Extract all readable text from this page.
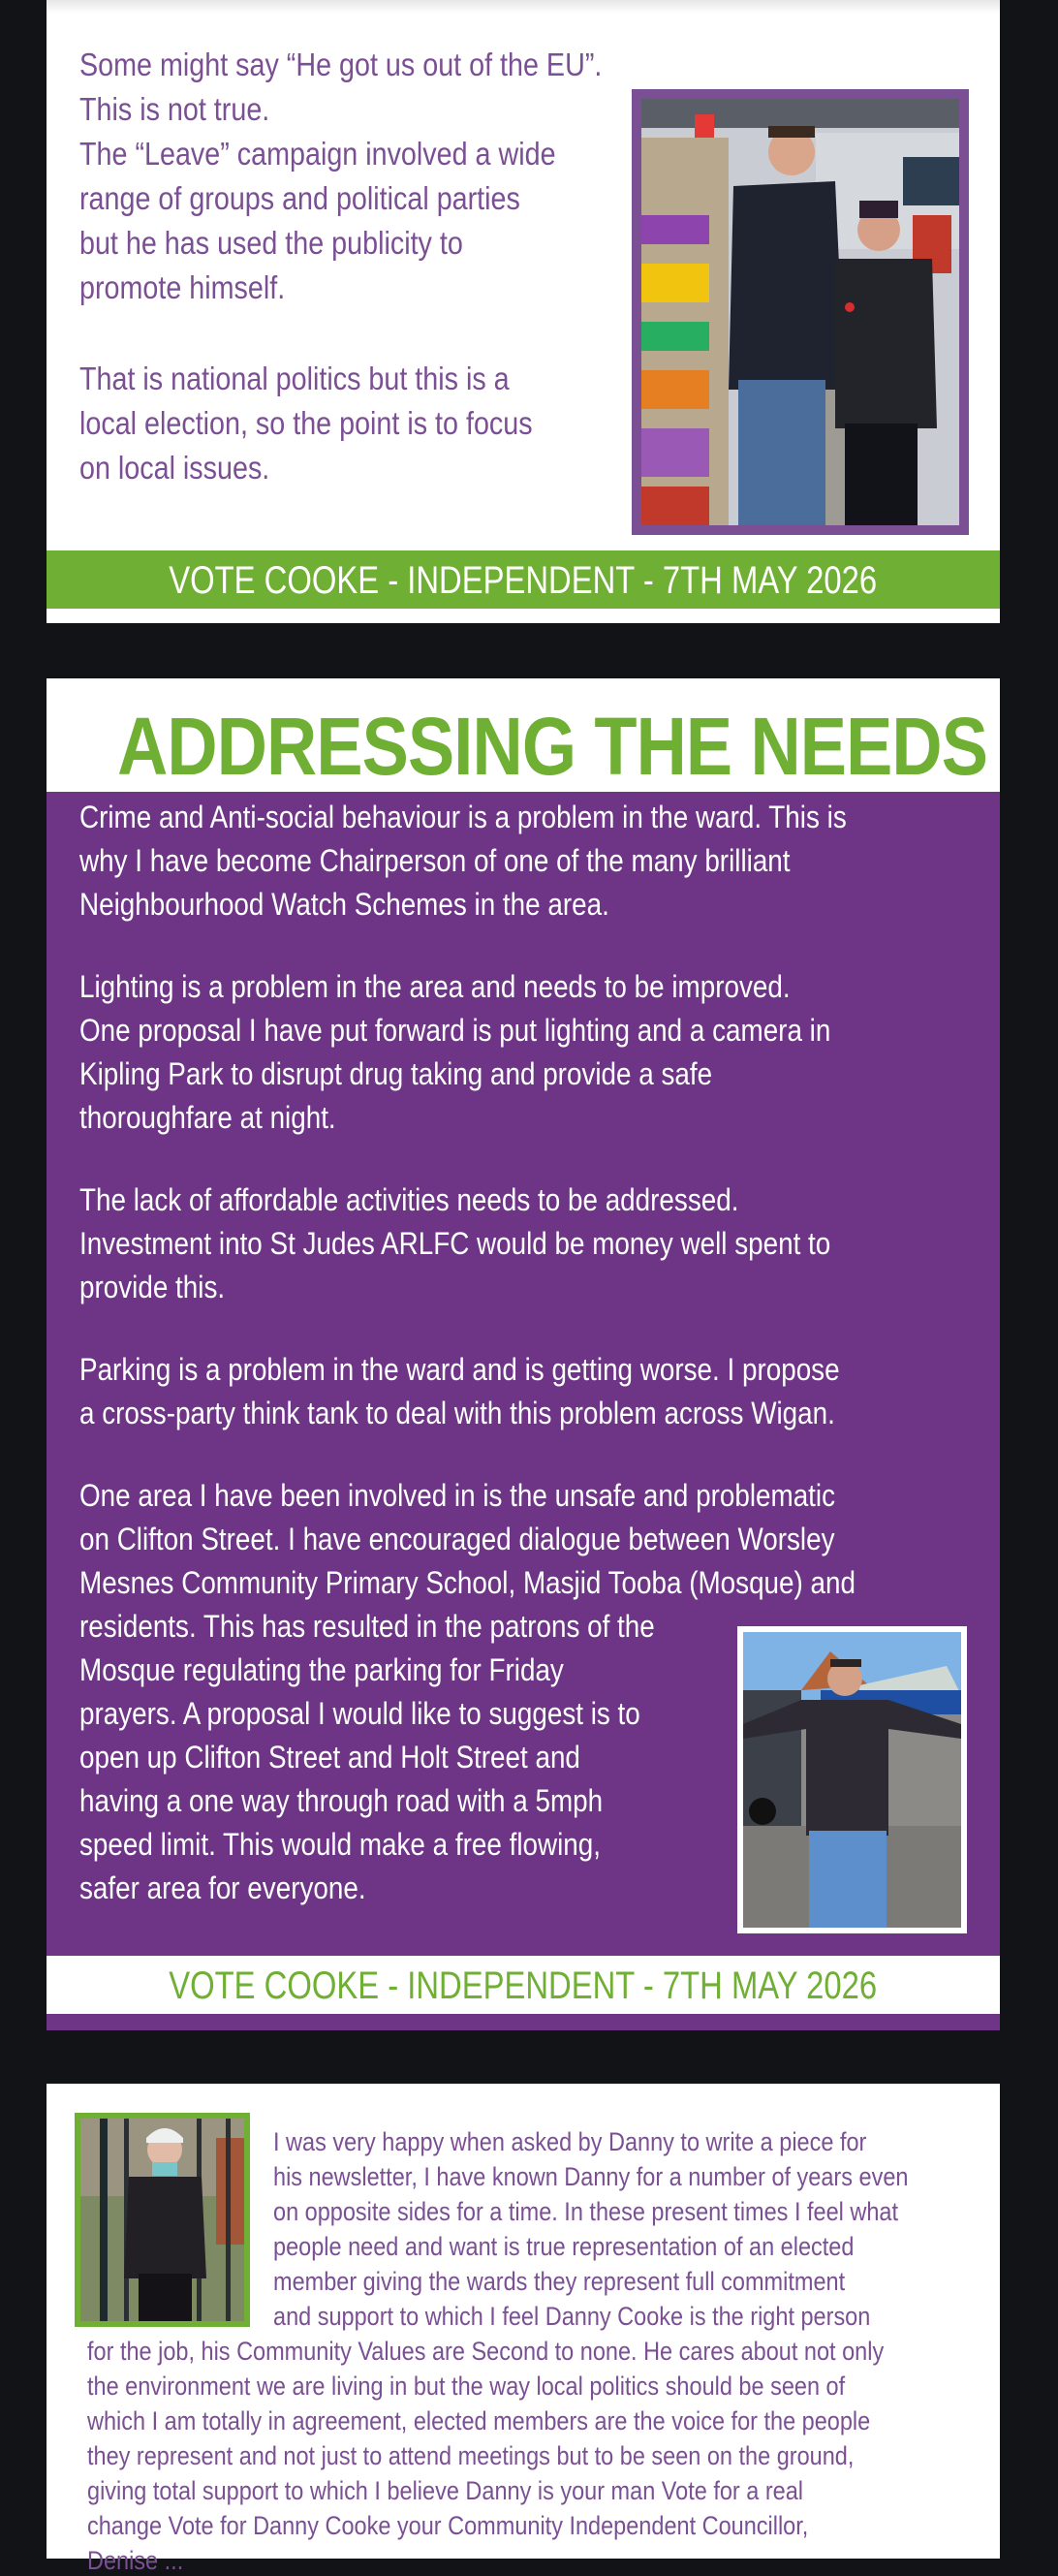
Some might say “He got us out of the EU”.
This is not true.
The “Leave” campaign involved a wide
range of groups and political parties
but he has used the publicity to
promote himself.
That is national politics but this is a
local election, so the point is to focus
on local issues.
VOTE COOKE - INDEPENDENT - 7TH MAY 2026
ADDRESSING THE NEEDS
Crime and Anti-social behaviour is a problem in the ward. This is
why I have become Chairperson of one of the many brilliant
Neighbourhood Watch Schemes in the area.
Lighting is a problem in the area and needs to be improved.
One proposal I have put forward is put lighting and a camera in
Kipling Park to disrupt drug taking and provide a safe
thoroughfare at night.
The lack of affordable activities needs to be addressed.
Investment into St Judes ARLFC would be money well spent to
provide this.
Parking is a problem in the ward and is getting worse. I propose
a cross-party think tank to deal with this problem across Wigan.
One area I have been involved in is the unsafe and problematic
on Clifton Street. I have encouraged dialogue between Worsley
Mesnes Community Primary School, Masjid Tooba (Mosque) and
residents. This has resulted in the patrons of the
Mosque regulating the parking for Friday
prayers. A proposal I would like to suggest is to
open up Clifton Street and Holt Street and
having a one way through road with a 5mph
speed limit. This would make a free flowing,
safer area for everyone.
VOTE COOKE - INDEPENDENT - 7TH MAY 2026
I was very happy when asked by Danny to write a piece for
his newsletter, I have known Danny for a number of years even
on opposite sides for a time. In these present times I feel what
people need and want is true representation of an elected
member giving the wards they represent full commitment
and support to which I feel Danny Cooke is the right person
for the job, his Community Values are Second to none. He cares about not only
the environment we are living in but the way local politics should be seen of
which I am totally in agreement, elected members are the voice for the people
they represent and not just to attend meetings but to be seen on the ground,
giving total support to which I believe Danny is your man Vote for a real
change Vote for Danny Cooke your Community Independent Councillor,
Denise ...
